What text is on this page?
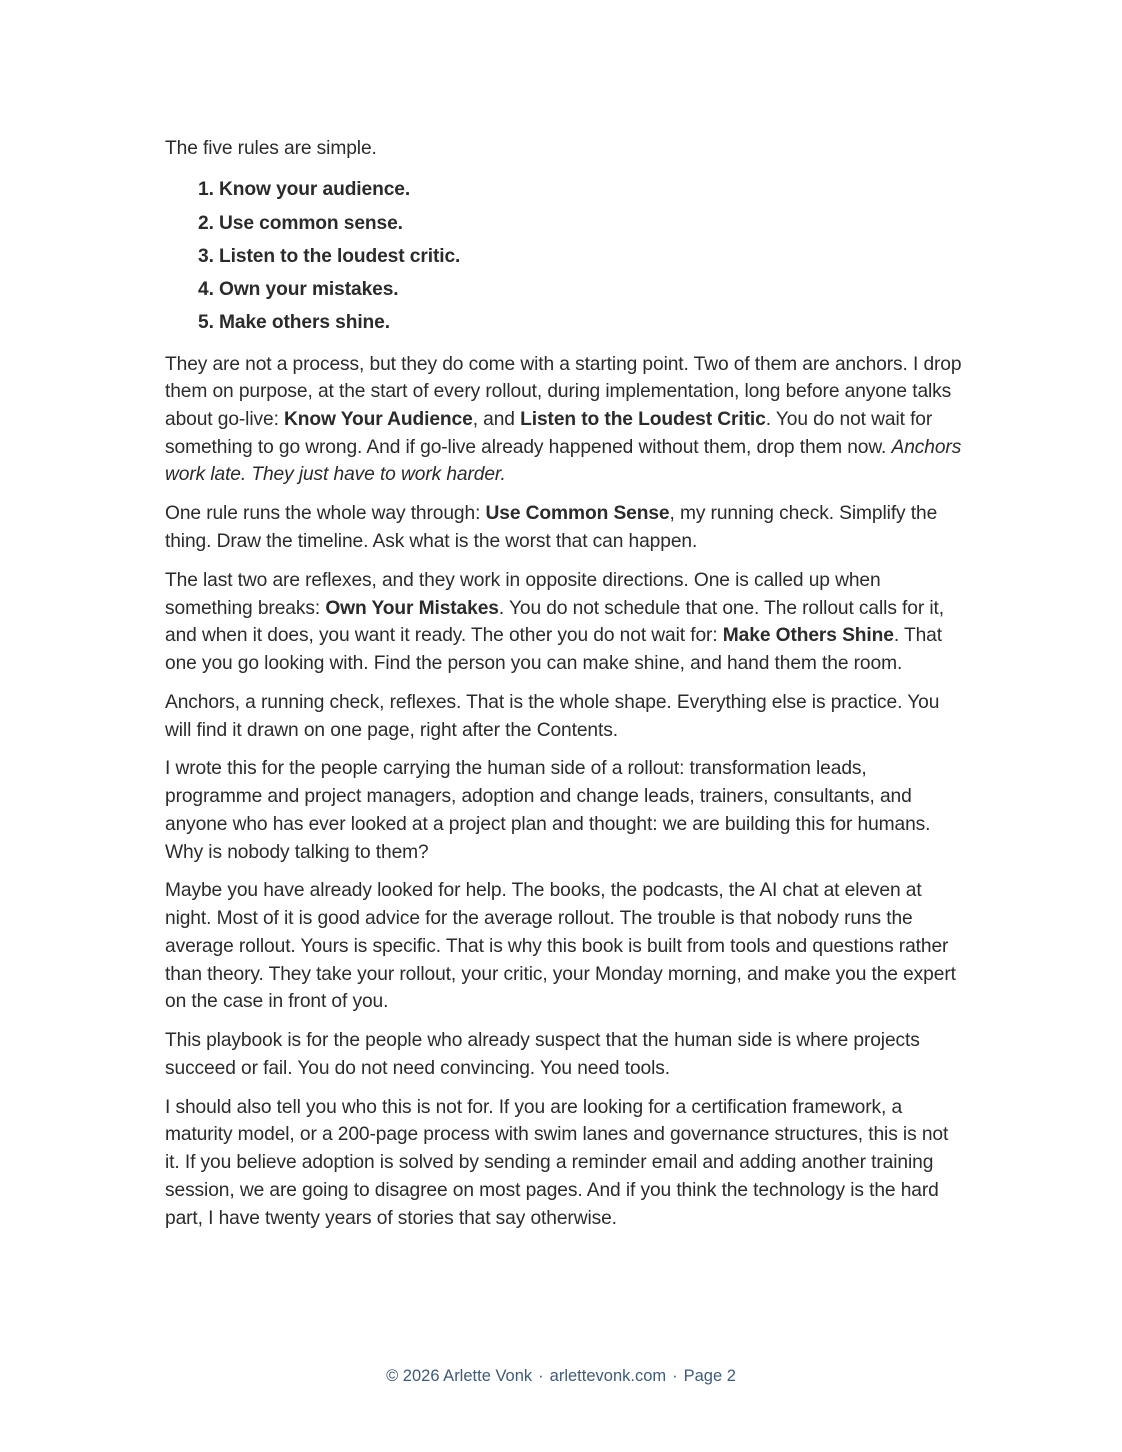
The five rules are simple.

1. Know your audience.
2. Use common sense.
3. Listen to the loudest critic.
4. Own your mistakes.
5. Make others shine.

They are not a process, but they do come with a starting point. Two of them are anchors. I drop them on purpose, at the start of every rollout, during implementation, long before anyone talks about go-live: Know Your Audience, and Listen to the Loudest Critic. You do not wait for something to go wrong. And if go-live already happened without them, drop them now. Anchors work late. They just have to work harder.

One rule runs the whole way through: Use Common Sense, my running check. Simplify the thing. Draw the timeline. Ask what is the worst that can happen.

The last two are reflexes, and they work in opposite directions. One is called up when something breaks: Own Your Mistakes. You do not schedule that one. The rollout calls for it, and when it does, you want it ready. The other you do not wait for: Make Others Shine. That one you go looking with. Find the person you can make shine, and hand them the room.

Anchors, a running check, reflexes. That is the whole shape. Everything else is practice. You will find it drawn on one page, right after the Contents.

I wrote this for the people carrying the human side of a rollout: transformation leads, programme and project managers, adoption and change leads, trainers, consultants, and anyone who has ever looked at a project plan and thought: we are building this for humans. Why is nobody talking to them?

Maybe you have already looked for help. The books, the podcasts, the AI chat at eleven at night. Most of it is good advice for the average rollout. The trouble is that nobody runs the average rollout. Yours is specific. That is why this book is built from tools and questions rather than theory. They take your rollout, your critic, your Monday morning, and make you the expert on the case in front of you.

This playbook is for the people who already suspect that the human side is where projects succeed or fail. You do not need convincing. You need tools.

I should also tell you who this is not for. If you are looking for a certification framework, a maturity model, or a 200-page process with swim lanes and governance structures, this is not it. If you believe adoption is solved by sending a reminder email and adding another training session, we are going to disagree on most pages. And if you think the technology is the hard part, I have twenty years of stories that say otherwise.

© 2026 Arlette Vonk · arlettevonk.com · Page 2
